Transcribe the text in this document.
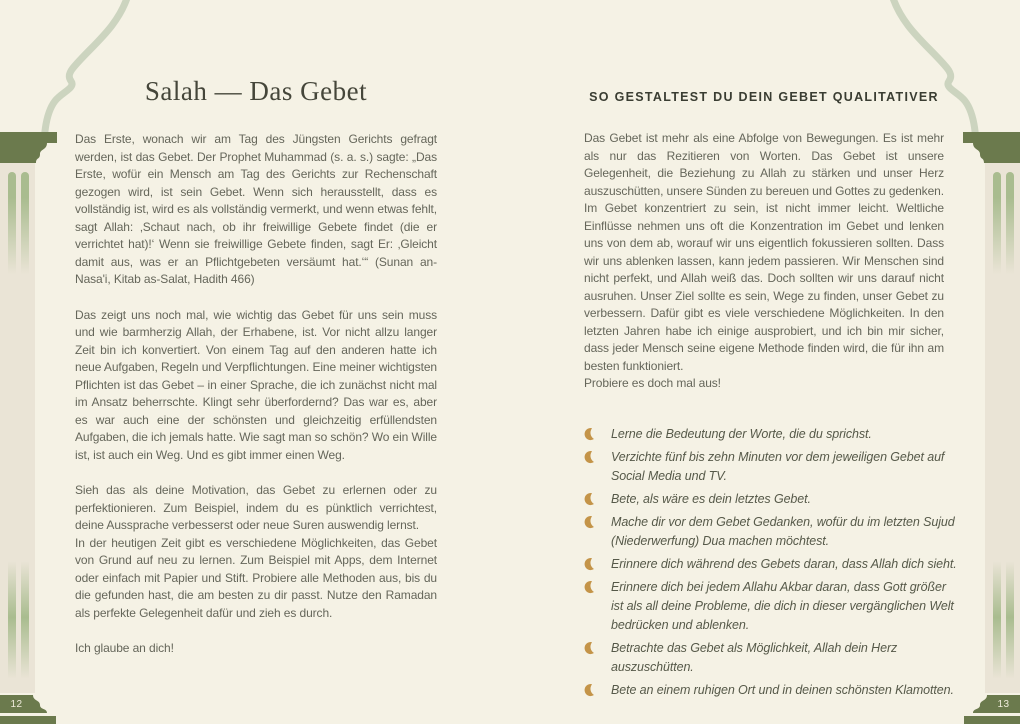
12	13
Salah — Das Gebet

Das Erste, wonach wir am Tag des Jüngsten Gerichts gefragt werden, ist das Gebet. Der Prophet Muhammad (s. a. s.) sagte: „Das Erste, wofür ein Mensch am Tag des Gerichts zur Rechenschaft gezogen wird, ist sein Gebet. Wenn sich herausstellt, dass es vollständig ist, wird es als vollständig vermerkt, und wenn etwas fehlt, sagt Allah: ‚Schaut nach, ob ihr freiwillige Gebete findet (die er verrichtet hat)!‘ Wenn sie freiwillige Gebete finden, sagt Er: ‚Gleicht damit aus, was er an Pflichtgebeten versäumt hat.‘“ (Sunan an-Nasa'i, Kitab as-Salat, Hadith 466)

Das zeigt uns noch mal, wie wichtig das Gebet für uns sein muss und wie barmherzig Allah, der Erhabene, ist. Vor nicht allzu langer Zeit bin ich konvertiert. Von einem Tag auf den anderen hatte ich neue Aufgaben, Regeln und Verpflichtungen. Eine meiner wichtigsten Pflichten ist das Gebet – in einer Sprache, die ich zunächst nicht mal im Ansatz beherrschte. Klingt sehr überfordernd? Das war es, aber es war auch eine der schönsten und gleichzeitig erfüllendsten Aufgaben, die ich jemals hatte. Wie sagt man so schön? Wo ein Wille ist, ist auch ein Weg. Und es gibt immer einen Weg.

Sieh das als deine Motivation, das Gebet zu erlernen oder zu perfektionieren. Zum Beispiel, indem du es pünktlich verrichtest, deine Aussprache verbesserst oder neue Suren auswendig lernst.

In der heutigen Zeit gibt es verschiedene Möglichkeiten, das Gebet von Grund auf neu zu lernen. Zum Beispiel mit Apps, dem Internet oder einfach mit Papier und Stift. Probiere alle Methoden aus, bis du die gefunden hast, die am besten zu dir passt. Nutze den Ramadan als perfekte Gelegenheit dafür und zieh es durch.

Ich glaube an dich!

SO GESTALTEST DU DEIN GEBET QUALITATIVER

Das Gebet ist mehr als eine Abfolge von Bewegungen. Es ist mehr als nur das Rezitieren von Worten. Das Gebet ist unsere Gelegenheit, die Beziehung zu Allah zu stärken und unser Herz auszuschütten, unsere Sünden zu bereuen und Gottes zu gedenken.

Im Gebet konzentriert zu sein, ist nicht immer leicht. Weltliche Einflüsse nehmen uns oft die Konzentration im Gebet und lenken uns von dem ab, worauf wir uns eigentlich fokussieren sollten. Dass wir uns ablenken lassen, kann jedem passieren. Wir Menschen sind nicht perfekt, und Allah weiß das. Doch sollten wir uns darauf nicht ausruhen. Unser Ziel sollte es sein, Wege zu finden, unser Gebet zu verbessern. Dafür gibt es viele verschiedene Möglichkeiten. In den letzten Jahren habe ich einige ausprobiert, und ich bin mir sicher, dass jeder Mensch seine eigene Methode finden wird, die für ihn am besten funktioniert.

Probiere es doch mal aus!

Lerne die Bedeutung der Worte, die du sprichst.
Verzichte fünf bis zehn Minuten vor dem jeweiligen Gebet auf Social Media und TV.
Bete, als wäre es dein letztes Gebet.
Mache dir vor dem Gebet Gedanken, wofür du im letzten Sujud (Niederwerfung) Dua machen möchtest.
Erinnere dich während des Gebets daran, dass Allah dich sieht.
Erinnere dich bei jedem Allahu Akbar daran, dass Gott größer ist als all deine Probleme, die dich in dieser vergänglichen Welt bedrücken und ablenken.
Betrachte das Gebet als Möglichkeit, Allah dein Herz auszuschütten.
Bete an einem ruhigen Ort und in deinen schönsten Klamotten.
